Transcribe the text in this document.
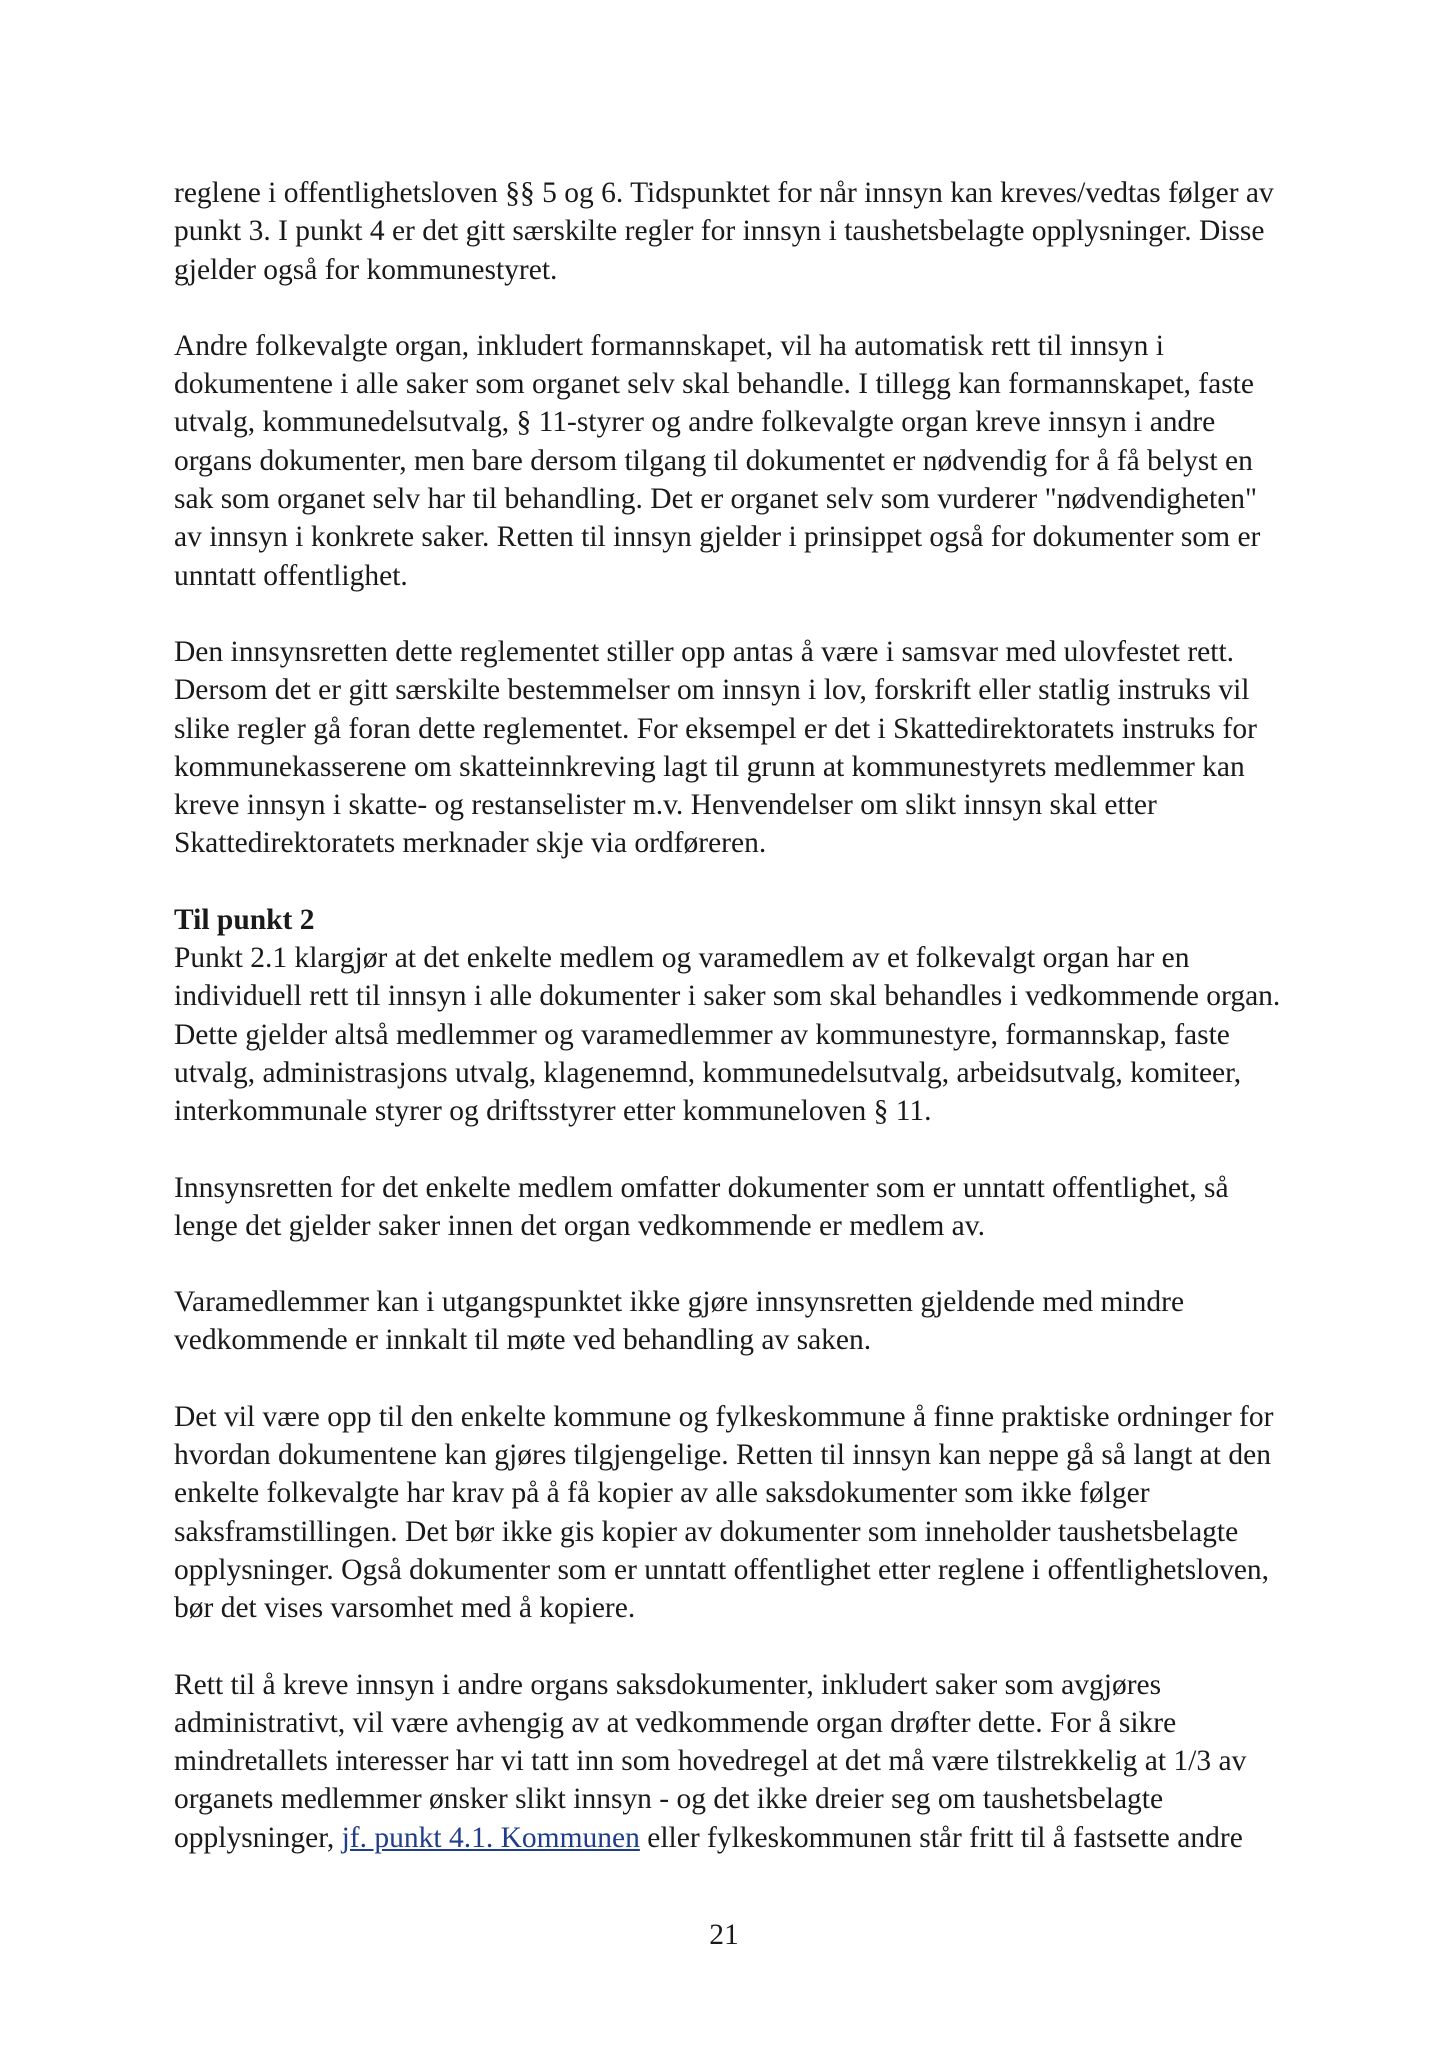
reglene i offentlighetsloven §§ 5 og 6. Tidspunktet for når innsyn kan kreves/vedtas følger av
punkt 3. I punkt 4 er det gitt særskilte regler for innsyn i taushetsbelagte opplysninger. Disse
gjelder også for kommunestyret.
Andre folkevalgte organ, inkludert formannskapet, vil ha automatisk rett til innsyn i
dokumentene i alle saker som organet selv skal behandle. I tillegg kan formannskapet, faste
utvalg, kommunedelsutvalg, § 11-styrer og andre folkevalgte organ kreve innsyn i andre
organs dokumenter, men bare dersom tilgang til dokumentet er nødvendig for å få belyst en
sak som organet selv har til behandling. Det er organet selv som vurderer "nødvendigheten"
av innsyn i konkrete saker. Retten til innsyn gjelder i prinsippet også for dokumenter som er
unntatt offentlighet.
Den innsynsretten dette reglementet stiller opp antas å være i samsvar med ulovfestet rett.
Dersom det er gitt særskilte bestemmelser om innsyn i lov, forskrift eller statlig instruks vil
slike regler gå foran dette reglementet. For eksempel er det i Skattedirektoratets instruks for
kommunekasserene om skatteinnkreving lagt til grunn at kommunestyrets medlemmer kan
kreve innsyn i skatte- og restanselister m.v. Henvendelser om slikt innsyn skal etter
Skattedirektoratets merknader skje via ordføreren.
Til punkt 2
Punkt 2.1 klargjør at det enkelte medlem og varamedlem av et folkevalgt organ har en
individuell rett til innsyn i alle dokumenter i saker som skal behandles i vedkommende organ.
Dette gjelder altså medlemmer og varamedlemmer av kommunestyre, formannskap, faste
utvalg, administrasjons utvalg, klagenemnd, kommunedelsutvalg, arbeidsutvalg, komiteer,
interkommunale styrer og driftsstyrer etter kommuneloven § 11.
Innsynsretten for det enkelte medlem omfatter dokumenter som er unntatt offentlighet, så
lenge det gjelder saker innen det organ vedkommende er medlem av.
Varamedlemmer kan i utgangspunktet ikke gjøre innsynsretten gjeldende med mindre
vedkommende er innkalt til møte ved behandling av saken.
Det vil være opp til den enkelte kommune og fylkeskommune å finne praktiske ordninger for
hvordan dokumentene kan gjøres tilgjengelige. Retten til innsyn kan neppe gå så langt at den
enkelte folkevalgte har krav på å få kopier av alle saksdokumenter som ikke følger
saksframstillingen. Det bør ikke gis kopier av dokumenter som inneholder taushetsbelagte
opplysninger. Også dokumenter som er unntatt offentlighet etter reglene i offentlighetsloven,
bør det vises varsomhet med å kopiere.
Rett til å kreve innsyn i andre organs saksdokumenter, inkludert saker som avgjøres
administrativt, vil være avhengig av at vedkommende organ drøfter dette. For å sikre
mindretallets interesser har vi tatt inn som hovedregel at det må være tilstrekkelig at 1/3 av
organets medlemmer ønsker slikt innsyn - og det ikke dreier seg om taushetsbelagte
opplysninger, jf. punkt 4.1. Kommunen eller fylkeskommunen står fritt til å fastsette andre
21
